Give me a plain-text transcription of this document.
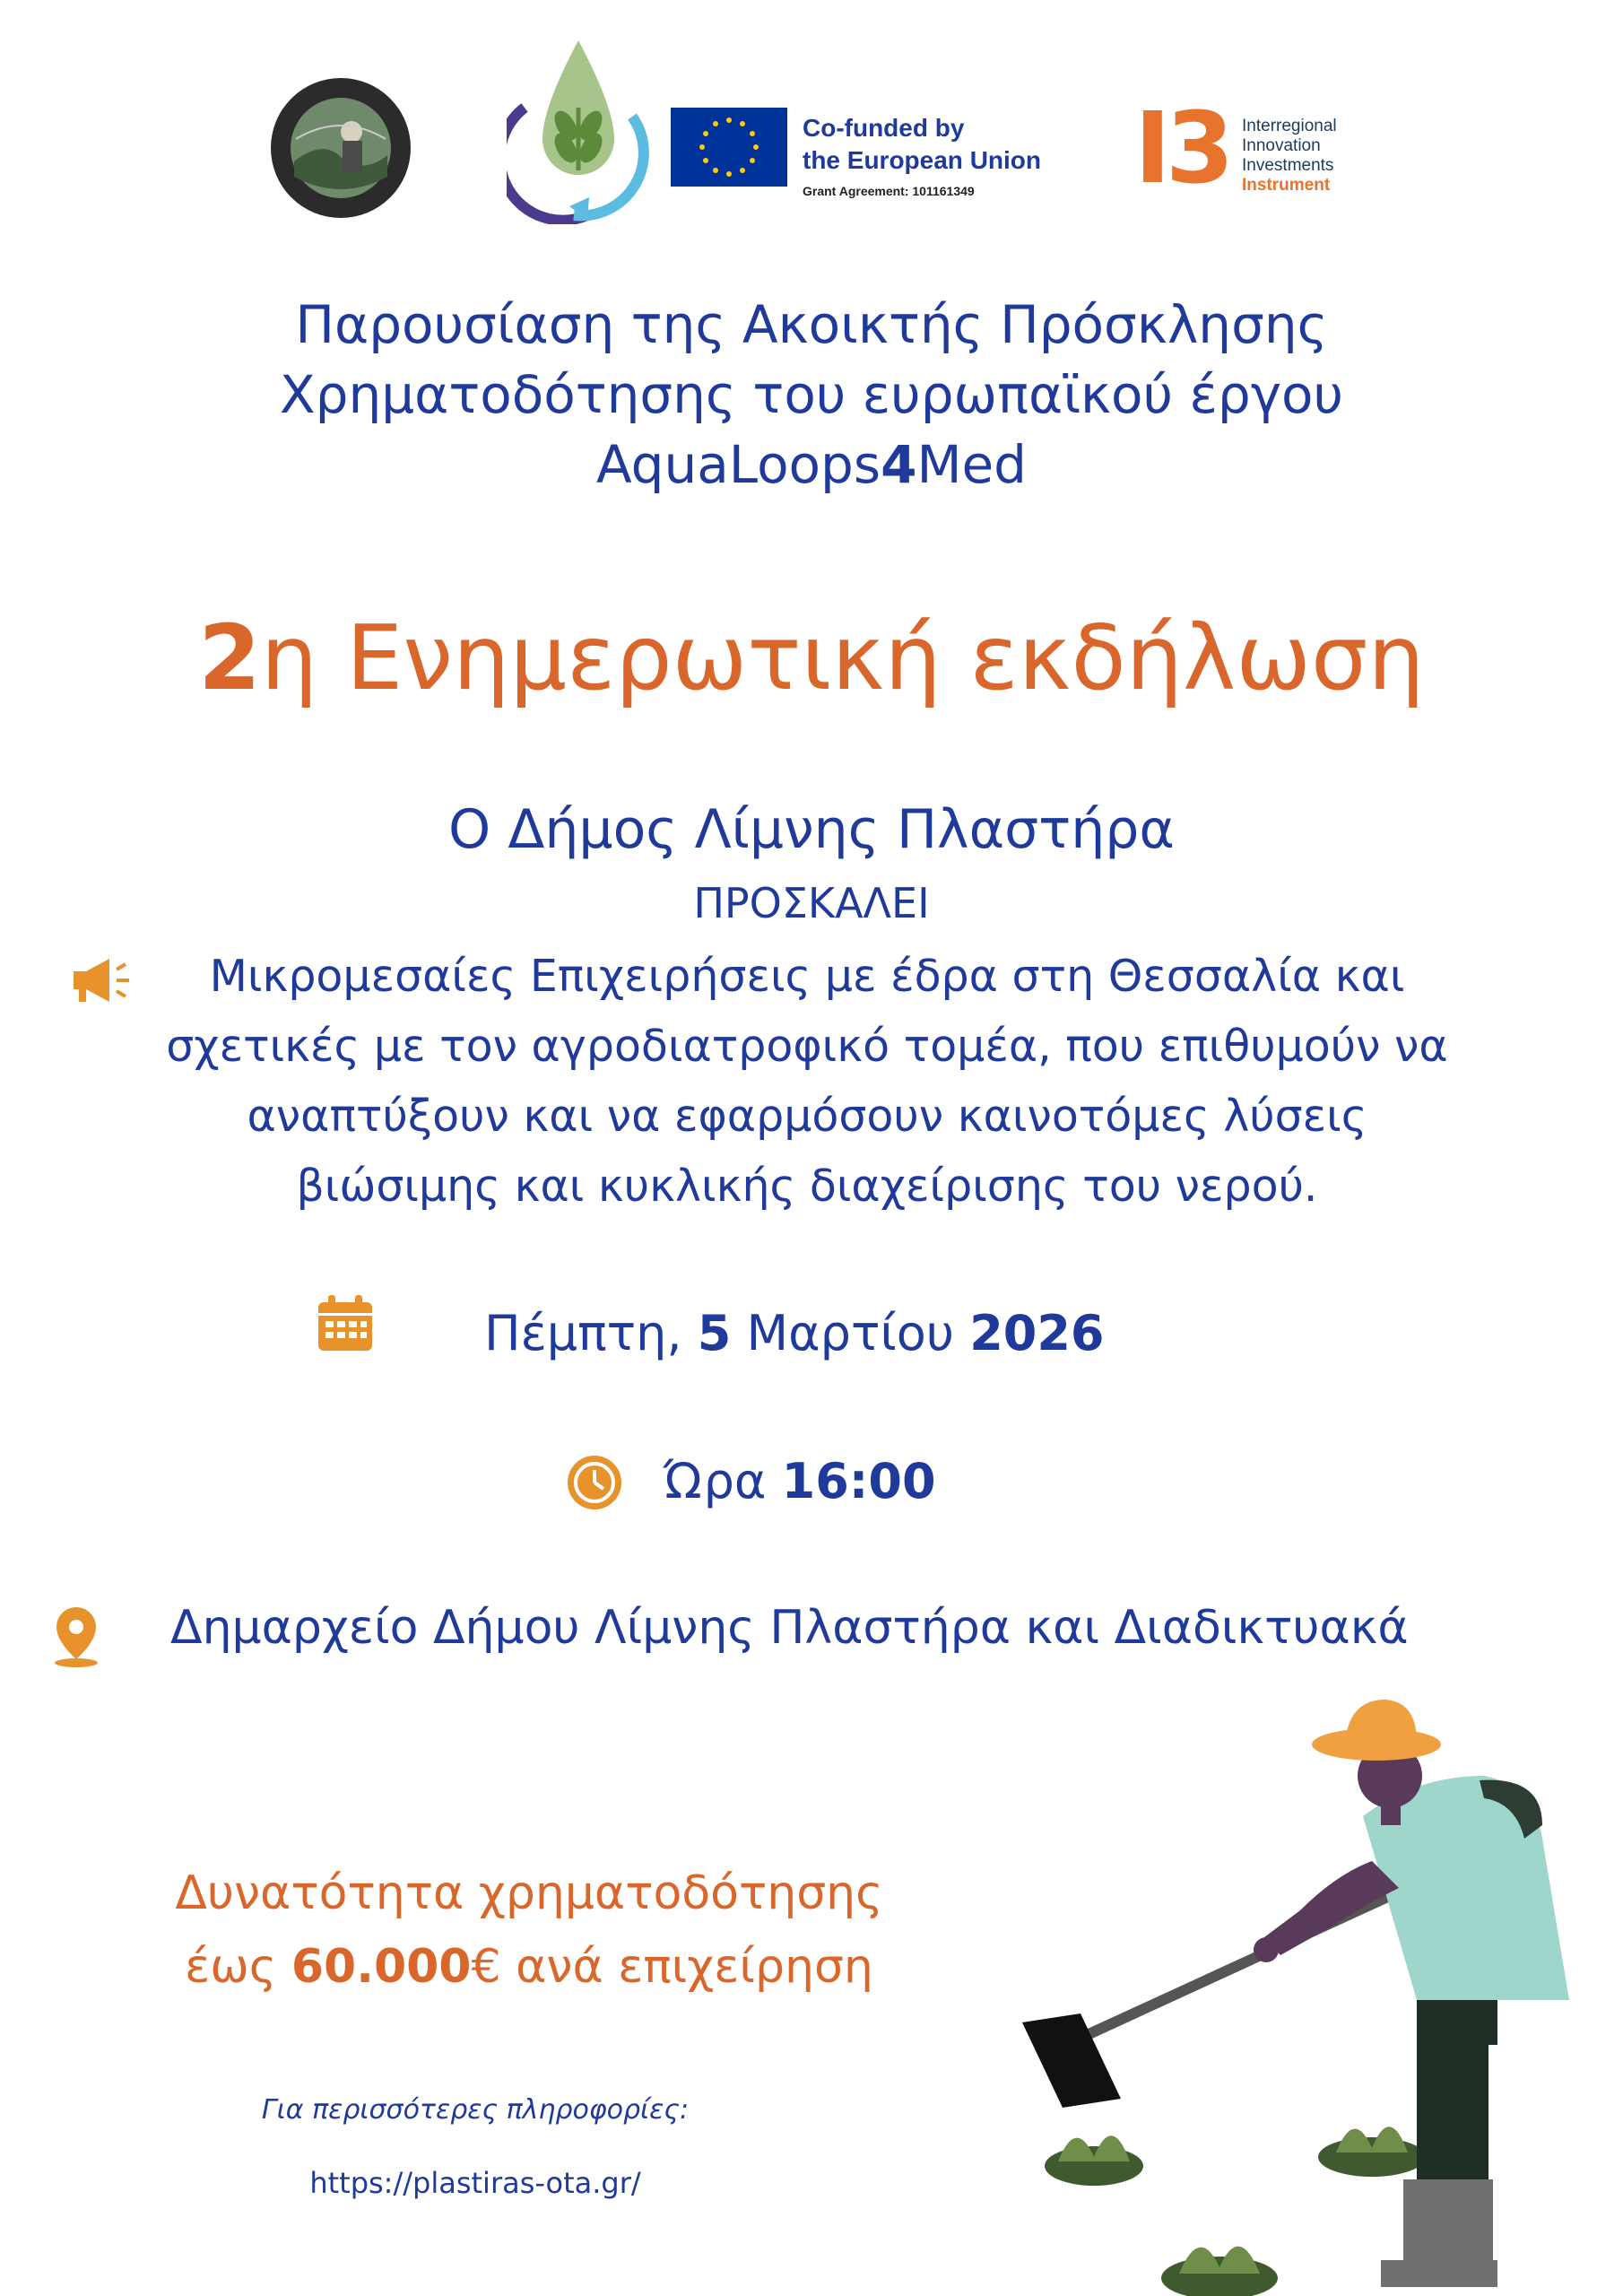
Co-funded by
the European Union
Grant Agreement: 101161349 I3 Interregional
Innovation
Investments
Instrument
Παρουσίαση της Ακοικτής Πρόσκλησης
Χρηματοδότησης του ευρωπαϊκού έργου
AquaLoops4Med
2η Ενημερωτική εκδήλωση
Ο Δήμος Λίμνης Πλαστήρα
ΠΡΟΣΚΑΛΕΙ
Μικρομεσαίες Επιχειρήσεις με έδρα στη Θεσσαλία και
σχετικές με τον αγροδιατροφικό τομέα, που επιθυμούν να
αναπτύξουν και να εφαρμόσουν καινοτόμες λύσεις
βιώσιμης και κυκλικής διαχείρισης του νερού.
Πέμπτη, 5 Μαρτίου 2026
Ώρα 16:00
Δημαρχείο Δήμου Λίμνης Πλαστήρα και Διαδικτυακά
Δυνατότητα χρηματοδότησης
έως 60.000€ ανά επιχείρηση
Για περισσότερες πληροφορίες:
https://plastiras-ota.gr/
